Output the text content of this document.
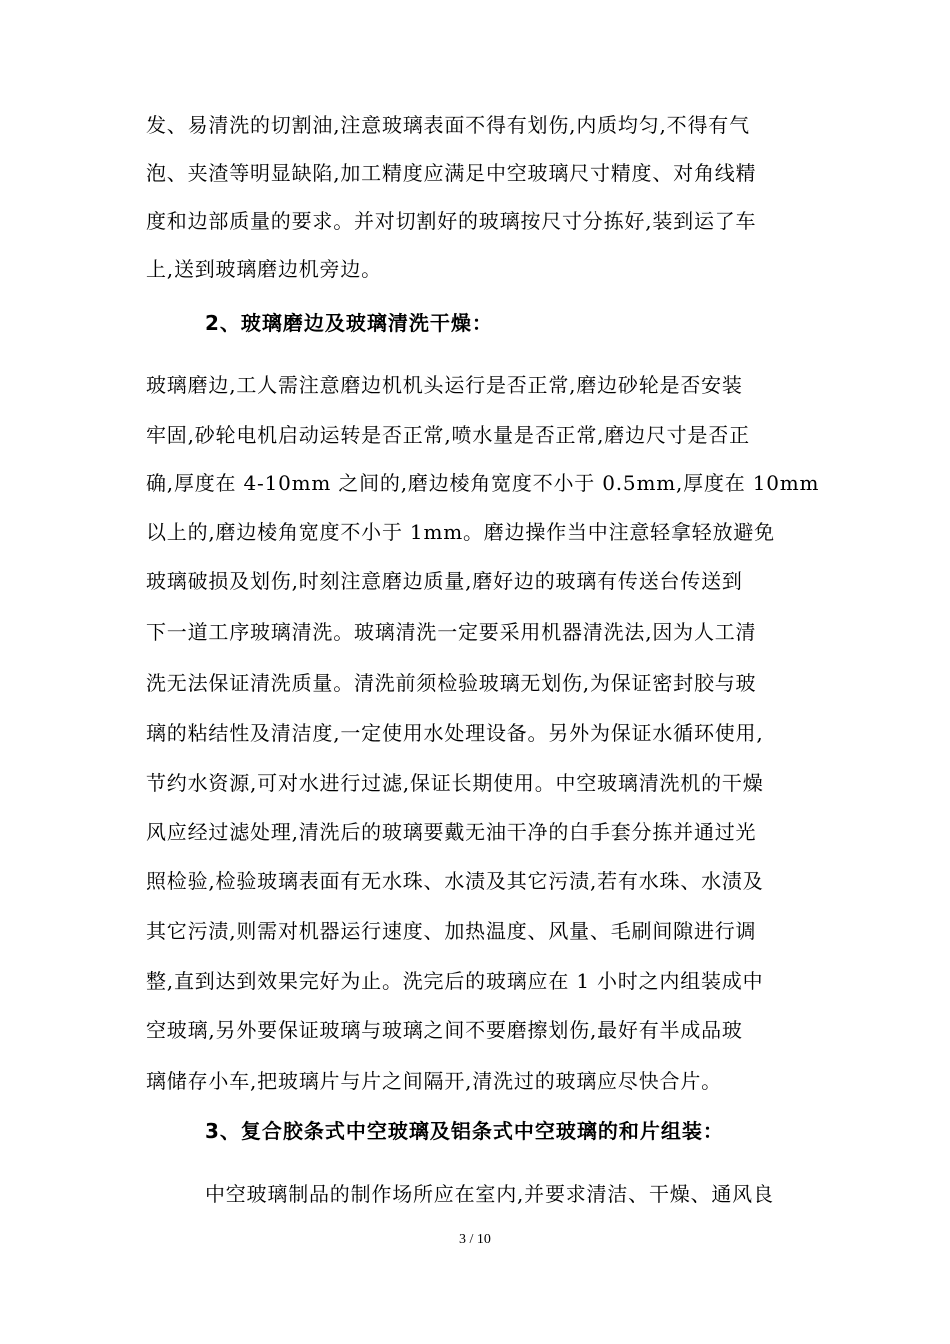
发、易清洗的切割油,注意玻璃表面不得有划伤,内质均匀,不得有气
泡、夹渣等明显缺陷,加工精度应满足中空玻璃尺寸精度、对角线精
度和边部质量的要求。并对切割好的玻璃按尺寸分拣好,装到运了车
上,送到玻璃磨边机旁边。
2、玻璃磨边及玻璃清洗干燥：
玻璃磨边,工人需注意磨边机机头运行是否正常,磨边砂轮是否安装
牢固,砂轮电机启动运转是否正常,喷水量是否正常,磨边尺寸是否正
确,厚度在 4-10mm 之间的,磨边棱角宽度不小于 0.5mm,厚度在 10mm
以上的,磨边棱角宽度不小于 1mm。磨边操作当中注意轻拿轻放避免
玻璃破损及划伤,时刻注意磨边质量,磨好边的玻璃有传送台传送到
下一道工序玻璃清洗。玻璃清洗一定要采用机器清洗法,因为人工清
洗无法保证清洗质量。清洗前须检验玻璃无划伤,为保证密封胶与玻
璃的粘结性及清洁度,一定使用水处理设备。另外为保证水循环使用,
节约水资源,可对水进行过滤,保证长期使用。中空玻璃清洗机的干燥
风应经过滤处理,清洗后的玻璃要戴无油干净的白手套分拣并通过光
照检验,检验玻璃表面有无水珠、水渍及其它污渍,若有水珠、水渍及
其它污渍,则需对机器运行速度、加热温度、风量、毛刷间隙进行调
整,直到达到效果完好为止。洗完后的玻璃应在 1 小时之内组装成中
空玻璃,另外要保证玻璃与玻璃之间不要磨擦划伤,最好有半成品玻
璃储存小车,把玻璃片与片之间隔开,清洗过的玻璃应尽快合片。
3、复合胶条式中空玻璃及铝条式中空玻璃的和片组装：
中空玻璃制品的制作场所应在室内,并要求清洁、干燥、通风良
3 / 10
